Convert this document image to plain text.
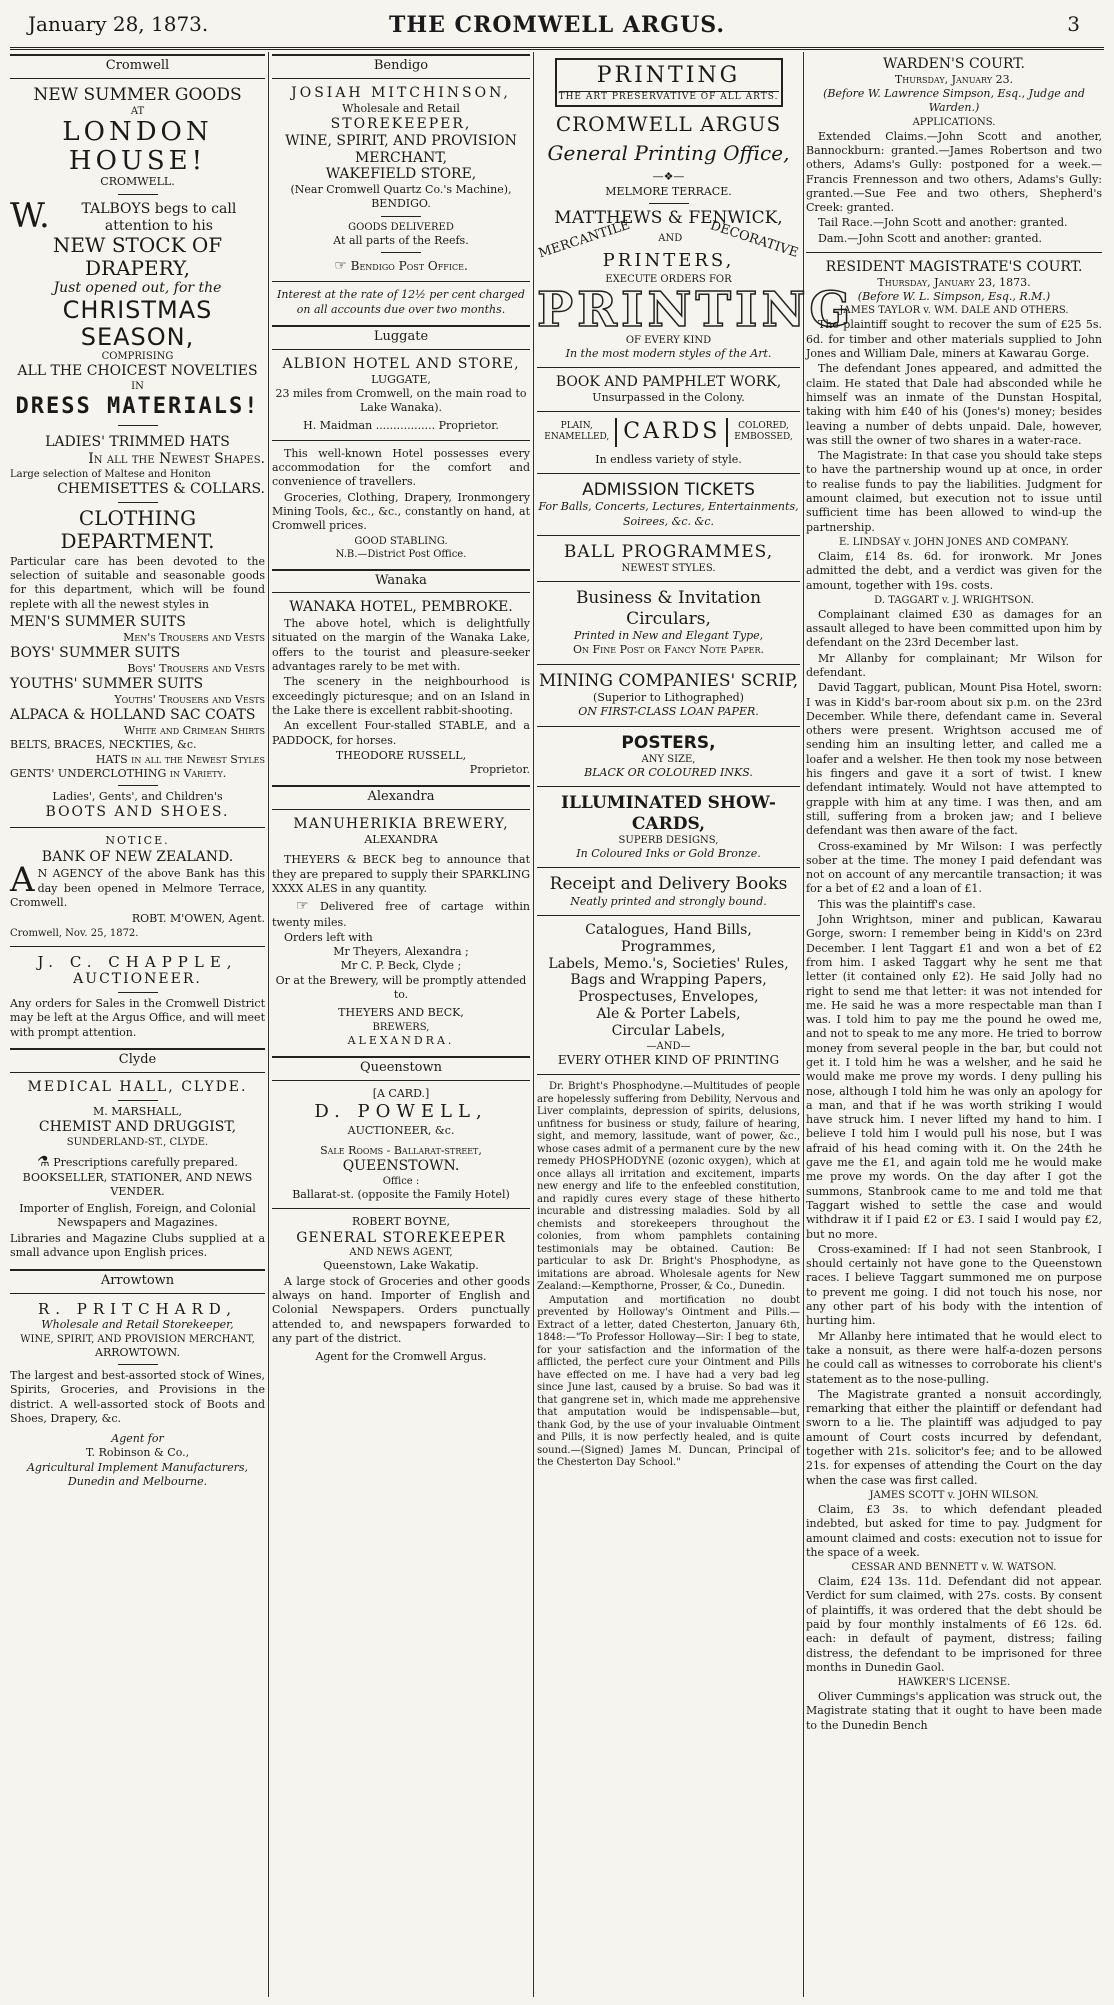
January 28, 1873.	THE CROMWELL ARGUS.	3
Cromwell
NEW SUMMER GOODS
AT
LONDON HOUSE!
CROMWELL.
W.	TALBOYS begs to call attention to his
NEW STOCK OF DRAPERY,
Just opened out, for the
CHRISTMAS SEASON,
COMPRISING
ALL THE CHOICEST NOVELTIES
IN
DRESS MATERIALS!
LADIES' TRIMMED HATS
In all the Newest Shapes.
Large selection of Maltese and Honiton
CHEMISETTES & COLLARS.
CLOTHING DEPARTMENT.

Particular care has been devoted to the selection of suitable and seasonable goods for this department, which will be found replete with all the newest styles in

MEN'S SUMMER SUITS
Men's Trousers and Vests
BOYS' SUMMER SUITS
Boys' Trousers and Vests
YOUTHS' SUMMER SUITS
Youths' Trousers and Vests
ALPACA & HOLLAND SAC COATS
White and Crimean Shirts
BELTS, BRACES, NECKTIES, &c.
HATS in all the Newest Styles
GENTS' UNDERCLOTHING in Variety.
Ladies', Gents', and Children's
BOOTS AND SHOES.
NOTICE.
BANK OF NEW ZEALAND.
A N AGENCY of the above Bank has this day been opened in Melmore Terrace, Cromwell.

ROBT. M'OWEN, Agent.
Cromwell, Nov. 25, 1872.
J. C. CHAPPLE,
AUCTIONEER.

Any orders for Sales in the Cromwell District may be left at the Argus Office, and will meet with prompt attention.

Clyde
MEDICAL HALL, CLYDE.
M. MARSHALL,
CHEMIST AND DRUGGIST,
SUNDERLAND-ST., CLYDE.
⚗ Prescriptions carefully prepared.
BOOKSELLER, STATIONER, AND NEWS VENDER.

Importer of English, Foreign, and Colonial Newspapers and Magazines.

Libraries and Magazine Clubs supplied at a small advance upon English prices.

Arrowtown
R. PRITCHARD,
Wholesale and Retail Storekeeper,
WINE, SPIRIT, AND PROVISION MERCHANT,
ARROWTOWN.

The largest and best-assorted stock of Wines, Spirits, Groceries, and Provisions in the district. A well-assorted stock of Boots and Shoes, Drapery, &c.

Agent for
T. Robinson & Co.,
Agricultural Implement Manufacturers,
Dunedin and Melbourne.
Bendigo
JOSIAH MITCHINSON,
Wholesale and Retail
STOREKEEPER,
WINE, SPIRIT, AND PROVISION MERCHANT,
WAKEFIELD STORE,
(Near Cromwell Quartz Co.'s Machine),
BENDIGO.
GOODS DELIVERED
At all parts of the Reefs.
☞ Bendigo Post Office.
Interest at the rate of 12½ per cent charged on all accounts due over two months.
Luggate
ALBION HOTEL AND STORE,
LUGGATE,
23 miles from Cromwell, on the main road to Lake Wanaka).
H. Maidman ................. Proprietor.

This well-known Hotel possesses every accommodation for the comfort and convenience of travellers.

Groceries, Clothing, Drapery, Ironmongery Mining Tools, &c., &c., constantly on hand, at Cromwell prices.

GOOD STABLING.
N.B.—District Post Office.
Wanaka
WANAKA HOTEL, PEMBROKE.

The above hotel, which is delightfully situated on the margin of the Wanaka Lake, offers to the tourist and pleasure-seeker advantages rarely to be met with.

The scenery in the neighbourhood is exceedingly picturesque; and on an Island in the Lake there is excellent rabbit-shooting.

An excellent Four-stalled STABLE, and a PADDOCK, for horses.

THEODORE RUSSELL,
Proprietor.
Alexandra
MANUHERIKIA BREWERY,
ALEXANDRA

THEYERS & BECK beg to announce that they are prepared to supply their SPARKLING XXXX ALES in any quantity.

☞ Delivered free of cartage within twenty miles.

Orders left with
Mr Theyers, Alexandra ;
Mr C. P. Beck, Clyde ;
Or at the Brewery, will be promptly attended to.
THEYERS AND BECK,
BREWERS,
ALEXANDRA.
Queenstown
[A CARD.]
D. POWELL,
AUCTIONEER, &c.
Sale Rooms - Ballarat-street,
QUEENSTOWN.
Office :
Ballarat-st. (opposite the Family Hotel)
ROBERT BOYNE,
GENERAL STOREKEEPER
AND NEWS AGENT,
Queenstown, Lake Wakatip.

A large stock of Groceries and other goods always on hand. Importer of English and Colonial Newspapers. Orders punctually attended to, and newspapers forwarded to any part of the district.

Agent for the Cromwell Argus.
PRINTING
THE ART PRESERVATIVE OF ALL ARTS.
CROMWELL ARGUS
General Printing Office,
—❖—
MELMORE TERRACE.
MATTHEWS & FENWICK,
MERCANTILE	AND DECORATIVE
PRINTERS,
EXECUTE ORDERS FOR
PRINTING
OF EVERY KIND
In the most modern styles of the Art.
BOOK AND PAMPHLET WORK,
Unsurpassed in the Colony.
PLAIN,
ENAMELLED, CARDS	COLORED,
EMBOSSED,
In endless variety of style.
ADMISSION TICKETS
For Balls, Concerts, Lectures, Entertainments, Soirees, &c. &c.
BALL PROGRAMMES,
NEWEST STYLES.
Business & Invitation Circulars,
Printed in New and Elegant Type,
On Fine Post or Fancy Note Paper.
MINING COMPANIES' SCRIP,
(Superior to Lithographed)
ON FIRST-CLASS LOAN PAPER.
POSTERS,
ANY SIZE,
BLACK OR COLOURED INKS.
ILLUMINATED SHOW-CARDS,
SUPERB DESIGNS,
In Coloured Inks or Gold Bronze.
Receipt and Delivery Books
Neatly printed and strongly bound.
Catalogues, Hand Bills, Programmes,
Labels, Memo.'s, Societies' Rules,
Bags and Wrapping Papers,
Prospectuses, Envelopes,
Ale & Porter Labels,
Circular Labels,
—AND—
EVERY OTHER KIND OF PRINTING

Dr. Bright's Phosphodyne.—Multitudes of people are hopelessly suffering from Debility, Nervous and Liver complaints, depression of spirits, delusions, unfitness for business or study, failure of hearing, sight, and memory, lassitude, want of power, &c., whose cases admit of a permanent cure by the new remedy PHOSPHODYNE (ozonic oxygen), which at once allays all irritation and excitement, imparts new energy and life to the enfeebled constitution, and rapidly cures every stage of these hitherto incurable and distressing maladies. Sold by all chemists and storekeepers throughout the colonies, from whom pamphlets containing testimonials may be obtained. Caution: Be particular to ask Dr. Bright's Phosphodyne, as imitations are abroad. Wholesale agents for New Zealand:—Kempthorne, Prosser, & Co., Dunedin.

Amputation and mortification no doubt prevented by Holloway's Ointment and Pills.—Extract of a letter, dated Chesterton, January 6th, 1848:—"To Professor Holloway—Sir: I beg to state, for your satisfaction and the information of the afflicted, the perfect cure your Ointment and Pills have effected on me. I have had a very bad leg since June last, caused by a bruise. So bad was it that gangrene set in, which made me apprehensive that amputation would be indispensable—but, thank God, by the use of your invaluable Ointment and Pills, it is now perfectly healed, and is quite sound.—(Signed) James M. Duncan, Principal of the Chesterton Day School."

WARDEN'S COURT.
Thursday, January 23.
(Before W. Lawrence Simpson, Esq., Judge and Warden.)
APPLICATIONS.

Extended Claims.—John Scott and another, Bannockburn: granted.—James Robertson and two others, Adams's Gully: postponed for a week.—Francis Frennesson and two others, Adams's Gully: granted.—Sue Fee and two others, Shepherd's Creek: granted.

Tail Race.—John Scott and another: granted.

Dam.—John Scott and another: granted.

RESIDENT MAGISTRATE'S COURT.
Thursday, January 23, 1873.
(Before W. L. Simpson, Esq., R.M.)
JAMES TAYLOR v. WM. DALE AND OTHERS.

The plaintiff sought to recover the sum of £25 5s. 6d. for timber and other materials supplied to John Jones and William Dale, miners at Kawarau Gorge.

The defendant Jones appeared, and admitted the claim. He stated that Dale had absconded while he himself was an inmate of the Dunstan Hospital, taking with him £40 of his (Jones's) money; besides leaving a number of debts unpaid. Dale, however, was still the owner of two shares in a water-race.

The Magistrate: In that case you should take steps to have the partnership wound up at once, in order to realise funds to pay the liabilities. Judgment for amount claimed, but execution not to issue until sufficient time has been allowed to wind-up the partnership.

E. LINDSAY v. JOHN JONES AND COMPANY.

Claim, £14 8s. 6d. for ironwork. Mr Jones admitted the debt, and a verdict was given for the amount, together with 19s. costs.

D. TAGGART v. J. WRIGHTSON.

Complainant claimed £30 as damages for an assault alleged to have been committed upon him by defendant on the 23rd December last.

Mr Allanby for complainant; Mr Wilson for defendant.

David Taggart, publican, Mount Pisa Hotel, sworn: I was in Kidd's bar-room about six p.m. on the 23rd December. While there, defendant came in. Several others were present. Wrightson accused me of sending him an insulting letter, and called me a loafer and a welsher. He then took my nose between his fingers and gave it a sort of twist. I knew defendant intimately. Would not have attempted to grapple with him at any time. I was then, and am still, suffering from a broken jaw; and I believe defendant was then aware of the fact.

Cross-examined by Mr Wilson: I was perfectly sober at the time. The money I paid defendant was not on account of any mercantile transaction; it was for a bet of £2 and a loan of £1.

This was the plaintiff's case.

John Wrightson, miner and publican, Kawarau Gorge, sworn: I remember being in Kidd's on 23rd December. I lent Taggart £1 and won a bet of £2 from him. I asked Taggart why he sent me that letter (it contained only £2). He said Jolly had no right to send me that letter: it was not intended for me. He said he was a more respectable man than I was. I told him to pay me the pound he owed me, and not to speak to me any more. He tried to borrow money from several people in the bar, but could not get it. I told him he was a welsher, and he said he would make me prove my words. I deny pulling his nose, although I told him he was only an apology for a man, and that if he was worth striking I would have struck him. I never lifted my hand to him. I believe I told him I would pull his nose, but I was afraid of his head coming with it. On the 24th he gave me the £1, and again told me he would make me prove my words. On the day after I got the summons, Stanbrook came to me and told me that Taggart wished to settle the case and would withdraw it if I paid £2 or £3. I said I would pay £2, but no more.

Cross-examined: If I had not seen Stanbrook, I should certainly not have gone to the Queenstown races. I believe Taggart summoned me on purpose to prevent me going. I did not touch his nose, nor any other part of his body with the intention of hurting him.

Mr Allanby here intimated that he would elect to take a nonsuit, as there were half-a-dozen persons he could call as witnesses to corroborate his client's statement as to the nose-pulling.

The Magistrate granted a nonsuit accordingly, remarking that either the plaintiff or defendant had sworn to a lie. The plaintiff was adjudged to pay amount of Court costs incurred by defendant, together with 21s. solicitor's fee; and to be allowed 21s. for expenses of attending the Court on the day when the case was first called.

JAMES SCOTT v. JOHN WILSON.

Claim, £3 3s. to which defendant pleaded indebted, but asked for time to pay. Judgment for amount claimed and costs: execution not to issue for the space of a week.

CESSAR AND BENNETT v. W. WATSON.

Claim, £24 13s. 11d. Defendant did not appear. Verdict for sum claimed, with 27s. costs. By consent of plaintiffs, it was ordered that the debt should be paid by four monthly instalments of £6 12s. 6d. each: in default of payment, distress; failing distress, the defendant to be imprisoned for three months in Dunedin Gaol.

HAWKER'S LICENSE.

Oliver Cummings's application was struck out, the Magistrate stating that it ought to have been made to the Dunedin Bench
